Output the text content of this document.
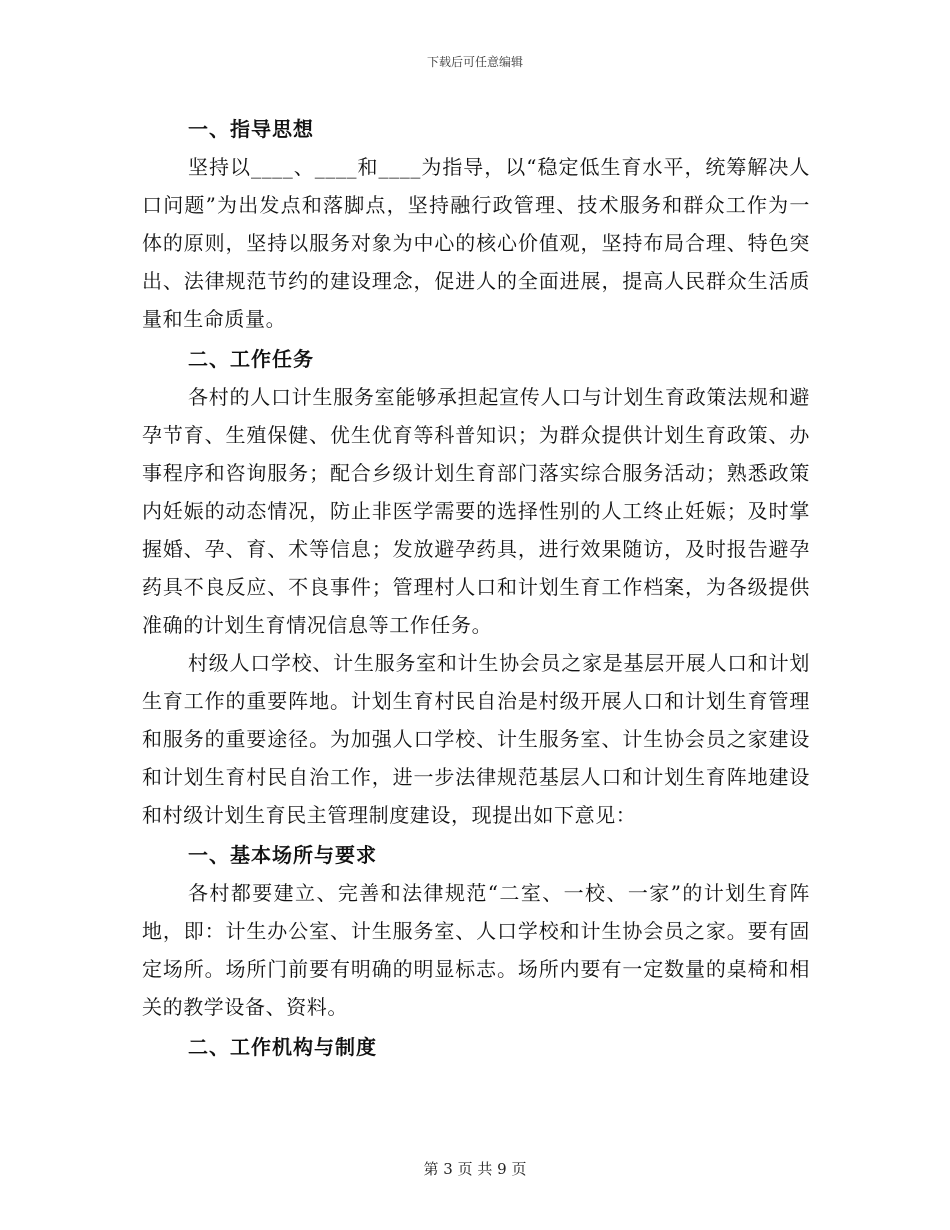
下载后可任意编辑
一、指导思想

坚持以____、____和____为指导，以“稳定低生育水平，统筹解决人口问题”为出发点和落脚点，坚持融行政管理、技术服务和群众工作为一体的原则，坚持以服务对象为中心的核心价值观，坚持布局合理、特色突出、法律规范节约的建设理念，促进人的全面进展，提高人民群众生活质量和生命质量。

二、工作任务

各村的人口计生服务室能够承担起宣传人口与计划生育政策法规和避孕节育、生殖保健、优生优育等科普知识；为群众提供计划生育政策、办事程序和咨询服务；配合乡级计划生育部门落实综合服务活动；熟悉政策内妊娠的动态情况，防止非医学需要的选择性别的人工终止妊娠；及时掌握婚、孕、育、术等信息；发放避孕药具，进行效果随访，及时报告避孕药具不良反应、不良事件；管理村人口和计划生育工作档案，为各级提供准确的计划生育情况信息等工作任务。

村级人口学校、计生服务室和计生协会员之家是基层开展人口和计划生育工作的重要阵地。计划生育村民自治是村级开展人口和计划生育管理和服务的重要途径。为加强人口学校、计生服务室、计生协会员之家建设和计划生育村民自治工作，进一步法律规范基层人口和计划生育阵地建设和村级计划生育民主管理制度建设，现提出如下意见：

一、基本场所与要求

各村都要建立、完善和法律规范“二室、一校、一家”的计划生育阵地，即：计生办公室、计生服务室、人口学校和计生协会员之家。要有固定场所。场所门前要有明确的明显标志。场所内要有一定数量的桌椅和相关的教学设备、资料。

二、工作机构与制度
第 3 页 共 9 页
